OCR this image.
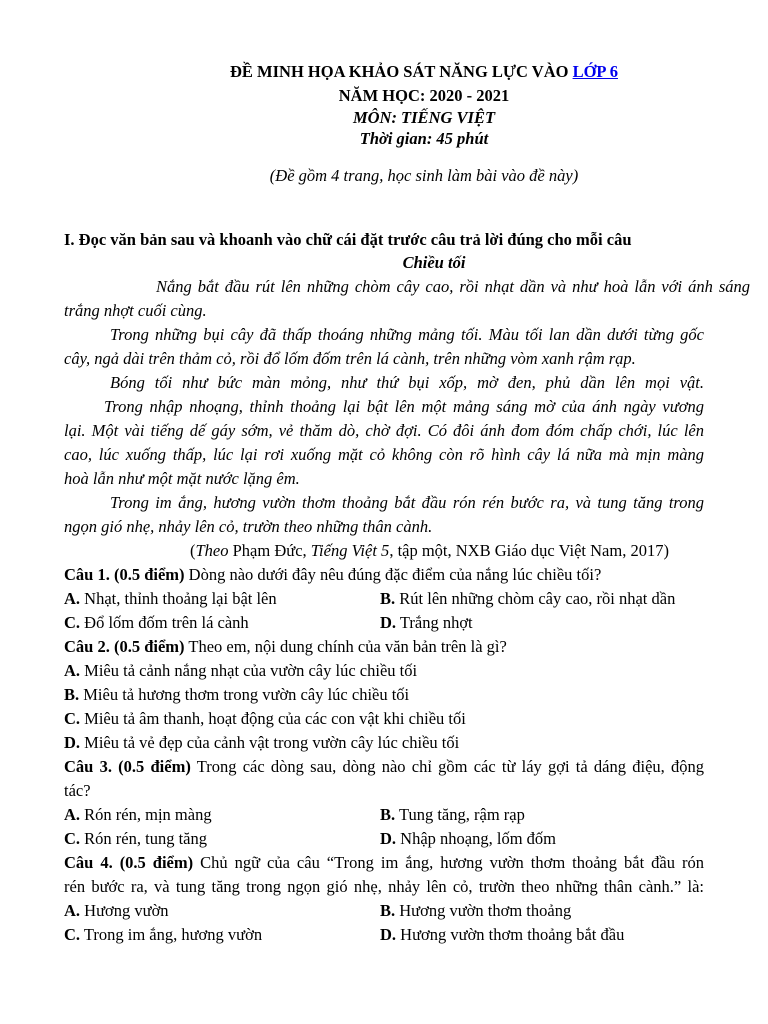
ĐỀ MINH HỌA KHẢO SÁT NĂNG LỰC VÀO LỚP 6
NĂM HỌC: 2020 - 2021
MÔN: TIẾNG VIỆT
Thời gian: 45 phút
(Đề gồm 4 trang, học sinh làm bài vào đề này)
I. Đọc văn bản sau và khoanh vào chữ cái đặt trước câu trả lời đúng cho mỗi câu
Chiều tối
Nắng bắt đầu rút lên những chòm cây cao, rồi nhạt dần và như hoà lẫn với ánh sáng
trắng nhợt cuối cùng.
Trong những bụi cây đã thấp thoáng những mảng tối. Màu tối lan dần dưới từng gốc
cây, ngả dài trên thảm cỏ, rồi đổ lốm đốm trên lá cành, trên những vòm xanh rậm rạp.
Bóng tối như bức màn mỏng, như thứ bụi xốp, mờ đen, phủ dần lên mọi vật.
Trong nhập nhoạng, thỉnh thoảng lại bật lên một mảng sáng mờ của ánh ngày vương
lại. Một vài tiếng dế gáy sớm, vẻ thăm dò, chờ đợi. Có đôi ánh đom đóm chấp chới, lúc lên
cao, lúc xuống thấp, lúc lại rơi xuống mặt cỏ không còn rõ hình cây lá nữa mà mịn màng
hoà lẫn như một mặt nước lặng êm.
Trong im ắng, hương vườn thơm thoảng bắt đầu rón rén bước ra, và tung tăng trong
ngọn gió nhẹ, nhảy lên cỏ, trườn theo những thân cành.
(Theo Phạm Đức, Tiếng Việt 5, tập một, NXB Giáo dục Việt Nam, 2017)
Câu 1. (0.5 điểm) Dòng nào dưới đây nêu đúng đặc điểm của nắng lúc chiều tối?
A. Nhạt, thỉnh thoảng lại bật lên	B. Rút lên những chòm cây cao, rồi nhạt dần
C. Đổ lốm đốm trên lá cành	D. Trắng nhợt
Câu 2. (0.5 điểm) Theo em, nội dung chính của văn bản trên là gì?
A. Miêu tả cảnh nắng nhạt của vườn cây lúc chiều tối
B. Miêu tả hương thơm trong vườn cây lúc chiều tối
C. Miêu tả âm thanh, hoạt động của các con vật khi chiều tối
D. Miêu tả vẻ đẹp của cảnh vật trong vườn cây lúc chiều tối
Câu 3. (0.5 điểm) Trong các dòng sau, dòng nào chỉ gồm các từ láy gợi tả dáng điệu, động
tác?
A. Rón rén, mịn màng	B. Tung tăng, rậm rạp
C. Rón rén, tung tăng	D. Nhập nhoạng, lốm đốm
Câu 4. (0.5 điểm) Chủ ngữ của câu “Trong im ắng, hương vườn thơm thoảng bắt đầu rón
rén bước ra, và tung tăng trong ngọn gió nhẹ, nhảy lên cỏ, trườn theo những thân cành.” là:
A. Hương vườn	B. Hương vườn thơm thoảng
C. Trong im ắng, hương vườn	D. Hương vườn thơm thoảng bắt đầu
